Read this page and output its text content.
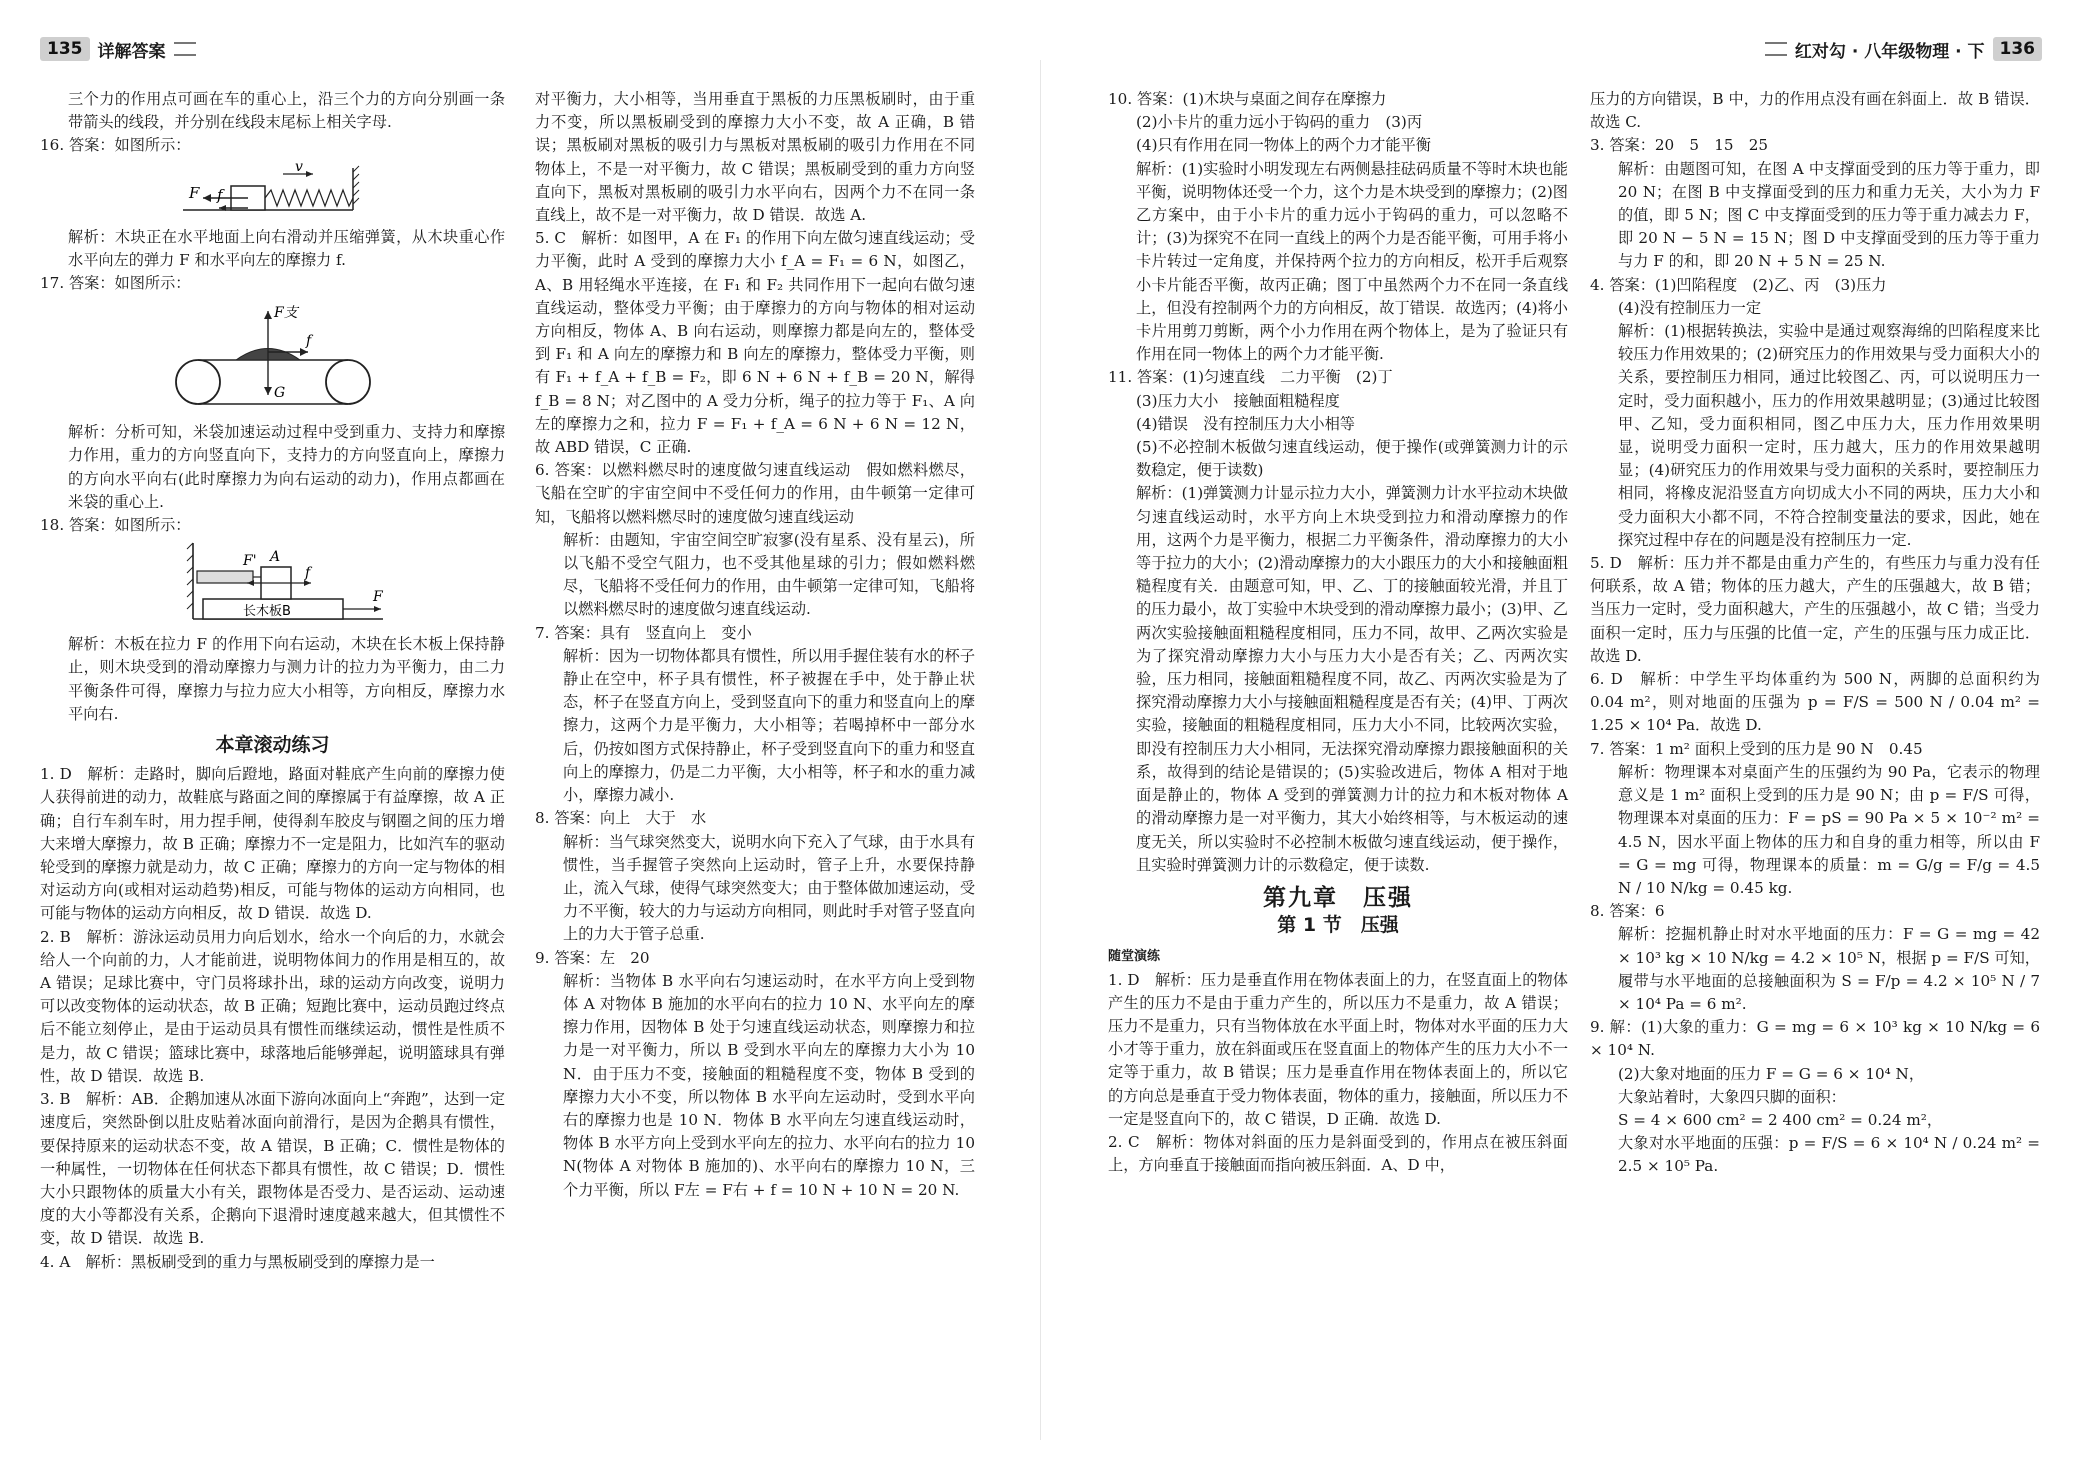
135 详解答案	红对勾 · 八年级物理 · 下 136

三个力的作用点可画在车的重心上，沿三个力的方向分别画一条带箭头的线段，并分别在线段末尾标上相关字母.

16. 答案：如图所示：

F f
v

解析：木块正在水平地面上向右滑动并压缩弹簧，从木块重心作水平向左的弹力 F 和水平向左的摩擦力 f.

17. 答案：如图所示：

F支
f
G

解析：分析可知，米袋加速运动过程中受到重力、支持力和摩擦力作用，重力的方向竖直向下，支持力的方向竖直向上，摩擦力的方向水平向右(此时摩擦力为向右运动的动力)，作用点都画在米袋的重心上.

18. 答案：如图所示：

F' A
f
F
长木板B

解析：木板在拉力 F 的作用下向右运动，木块在长木板上保持静止，则木块受到的滑动摩擦力与测力计的拉力为平衡力，由二力平衡条件可得，摩擦力与拉力应大小相等，方向相反，摩擦力水平向右.

本章滚动练习

1. D　解析：走路时，脚向后蹬地，路面对鞋底产生向前的摩擦力使人获得前进的动力，故鞋底与路面之间的摩擦属于有益摩擦，故 A 正确；自行车刹车时，用力捏手闸，使得刹车胶皮与钢圈之间的压力增大来增大摩擦力，故 B 正确；摩擦力不一定是阻力，比如汽车的驱动轮受到的摩擦力就是动力，故 C 正确；摩擦力的方向一定与物体的相对运动方向(或相对运动趋势)相反，可能与物体的运动方向相同，也可能与物体的运动方向相反，故 D 错误．故选 D.

2. B　解析：游泳运动员用力向后划水，给水一个向后的力，水就会给人一个向前的力，人才能前进，说明物体间力的作用是相互的，故 A 错误；足球比赛中，守门员将球扑出，球的运动方向改变，说明力可以改变物体的运动状态，故 B 正确；短跑比赛中，运动员跑过终点后不能立刻停止，是由于运动员具有惯性而继续运动，惯性是性质不是力，故 C 错误；篮球比赛中，球落地后能够弹起，说明篮球具有弹性，故 D 错误．故选 B.

3. B　解析：AB．企鹅加速从冰面下游向冰面向上“奔跑”，达到一定速度后，突然卧倒以肚皮贴着冰面向前滑行，是因为企鹅具有惯性，要保持原来的运动状态不变，故 A 错误，B 正确；C．惯性是物体的一种属性，一切物体在任何状态下都具有惯性，故 C 错误；D．惯性大小只跟物体的质量大小有关，跟物体是否受力、是否运动、运动速度的大小等都没有关系，企鹅向下退滑时速度越来越大，但其惯性不变，故 D 错误．故选 B.

4. A　解析：黑板刷受到的重力与黑板刷受到的摩擦力是一

对平衡力，大小相等，当用垂直于黑板的力压黑板刷时，由于重力不变，所以黑板刷受到的摩擦力大小不变，故 A 正确，B 错误；黑板刷对黑板的吸引力与黑板对黑板刷的吸引力作用在不同物体上，不是一对平衡力，故 C 错误；黑板刷受到的重力方向竖直向下，黑板对黑板刷的吸引力水平向右，因两个力不在同一条直线上，故不是一对平衡力，故 D 错误．故选 A.

5. C　解析：如图甲，A 在 F₁ 的作用下向左做匀速直线运动；受力平衡，此时 A 受到的摩擦力大小 f_A = F₁ = 6 N，如图乙，A、B 用轻绳水平连接，在 F₁ 和 F₂ 共同作用下一起向右做匀速直线运动，整体受力平衡；由于摩擦力的方向与物体的相对运动方向相反，物体 A、B 向右运动，则摩擦力都是向左的，整体受到 F₁ 和 A 向左的摩擦力和 B 向左的摩擦力，整体受力平衡，则有 F₁ + f_A + f_B = F₂，即 6 N + 6 N + f_B = 20 N，解得 f_B = 8 N；对乙图中的 A 受力分析，绳子的拉力等于 F₁、A 向左的摩擦力之和，拉力 F = F₁ + f_A = 6 N + 6 N = 12 N，故 ABD 错误，C 正确.

6. 答案：以燃料燃尽时的速度做匀速直线运动　假如燃料燃尽，飞船在空旷的宇宙空间中不受任何力的作用，由牛顿第一定律可知，飞船将以燃料燃尽时的速度做匀速直线运动

解析：由题知，宇宙空间空旷寂寥(没有星系、没有星云)，所以飞船不受空气阻力，也不受其他星球的引力；假如燃料燃尽，飞船将不受任何力的作用，由牛顿第一定律可知，飞船将以燃料燃尽时的速度做匀速直线运动.

7. 答案：具有　竖直向上　变小

解析：因为一切物体都具有惯性，所以用手握住装有水的杯子静止在空中，杯子具有惯性，杯子被握在手中，处于静止状态，杯子在竖直方向上，受到竖直向下的重力和竖直向上的摩擦力，这两个力是平衡力，大小相等；若喝掉杯中一部分水后，仍按如图方式保持静止，杯子受到竖直向下的重力和竖直向上的摩擦力，仍是二力平衡，大小相等，杯子和水的重力减小，摩擦力减小.

8. 答案：向上　大于　水

解析：当气球突然变大，说明水向下充入了气球，由于水具有惯性，当手握管子突然向上运动时，管子上升，水要保持静止，流入气球，使得气球突然变大；由于整体做加速运动，受力不平衡，较大的力与运动方向相同，则此时手对管子竖直向上的力大于管子总重.

9. 答案：左　20

解析：当物体 B 水平向右匀速运动时，在水平方向上受到物体 A 对物体 B 施加的水平向右的拉力 10 N、水平向左的摩擦力作用，因物体 B 处于匀速直线运动状态，则摩擦力和拉力是一对平衡力，所以 B 受到水平向左的摩擦力大小为 10 N．由于压力不变，接触面的粗糙程度不变，物体 B 受到的摩擦力大小不变，所以物体 B 水平向左运动时，受到水平向右的摩擦力也是 10 N．物体 B 水平向左匀速直线运动时，物体 B 水平方向上受到水平向左的拉力、水平向右的拉力 10 N(物体 A 对物体 B 施加的)、水平向右的摩擦力 10 N，三个力平衡，所以 F左 = F右 + f = 10 N + 10 N = 20 N.

10. 答案：(1)木块与桌面之间存在摩擦力

(2)小卡片的重力远小于钩码的重力　(3)丙

(4)只有作用在同一物体上的两个力才能平衡

解析：(1)实验时小明发现左右两侧悬挂砝码质量不等时木块也能平衡，说明物体还受一个力，这个力是木块受到的摩擦力；(2)图乙方案中，由于小卡片的重力远小于钩码的重力，可以忽略不计；(3)为探究不在同一直线上的两个力是否能平衡，可用手将小卡片转过一定角度，并保持两个拉力的方向相反，松开手后观察小卡片能否平衡，故丙正确；图丁中虽然两个力不在同一条直线上，但没有控制两个力的方向相反，故丁错误．故选丙；(4)将小卡片用剪刀剪断，两个小力作用在两个物体上，是为了验证只有作用在同一物体上的两个力才能平衡.

11. 答案：(1)匀速直线　二力平衡　(2)丁

(3)压力大小　接触面粗糙程度

(4)错误　没有控制压力大小相等

(5)不必控制木板做匀速直线运动，便于操作(或弹簧测力计的示数稳定，便于读数)

解析：(1)弹簧测力计显示拉力大小，弹簧测力计水平拉动木块做匀速直线运动时，水平方向上木块受到拉力和滑动摩擦力的作用，这两个力是平衡力，根据二力平衡条件，滑动摩擦力的大小等于拉力的大小；(2)滑动摩擦力的大小跟压力的大小和接触面粗糙程度有关．由题意可知，甲、乙、丁的接触面较光滑，并且丁的压力最小，故丁实验中木块受到的滑动摩擦力最小；(3)甲、乙两次实验接触面粗糙程度相同，压力不同，故甲、乙两次实验是为了探究滑动摩擦力大小与压力大小是否有关；乙、丙两次实验，压力相同，接触面粗糙程度不同，故乙、丙两次实验是为了探究滑动摩擦力大小与接触面粗糙程度是否有关；(4)甲、丁两次实验，接触面的粗糙程度相同，压力大小不同，比较两次实验，即没有控制压力大小相同，无法探究滑动摩擦力跟接触面积的关系，故得到的结论是错误的；(5)实验改进后，物体 A 相对于地面是静止的，物体 A 受到的弹簧测力计的拉力和木板对物体 A 的滑动摩擦力是一对平衡力，其大小始终相等，与木板运动的速度无关，所以实验时不必控制木板做匀速直线运动，便于操作，且实验时弹簧测力计的示数稳定，便于读数.

第九章　压强

第 1 节　压强

随堂演练

1. D　解析：压力是垂直作用在物体表面上的力，在竖直面上的物体产生的压力不是由于重力产生的，所以压力不是重力，故 A 错误；压力不是重力，只有当物体放在水平面上时，物体对水平面的压力大小才等于重力，放在斜面或压在竖直面上的物体产生的压力大小不一定等于重力，故 B 错误；压力是垂直作用在物体表面上的，所以它的方向总是垂直于受力物体表面，物体的重力，接触面，所以压力不一定是竖直向下的，故 C 错误，D 正确．故选 D.

2. C　解析：物体对斜面的压力是斜面受到的，作用点在被压斜面上，方向垂直于接触面而指向被压斜面．A、D 中，

压力的方向错误，B 中，力的作用点没有画在斜面上．故 B 错误．故选 C.

3. 答案：20　5　15　25

解析：由题图可知，在图 A 中支撑面受到的压力等于重力，即 20 N；在图 B 中支撑面受到的压力和重力无关，大小为力 F 的值，即 5 N；图 C 中支撑面受到的压力等于重力减去力 F，即 20 N − 5 N = 15 N；图 D 中支撑面受到的压力等于重力与力 F 的和，即 20 N + 5 N = 25 N.

4. 答案：(1)凹陷程度　(2)乙、丙　(3)压力

(4)没有控制压力一定

解析：(1)根据转换法，实验中是通过观察海绵的凹陷程度来比较压力作用效果的；(2)研究压力的作用效果与受力面积大小的关系，要控制压力相同，通过比较图乙、丙，可以说明压力一定时，受力面积越小，压力的作用效果越明显；(3)通过比较图甲、乙知，受力面积相同，图乙中压力大，压力作用效果明显，说明受力面积一定时，压力越大，压力的作用效果越明显；(4)研究压力的作用效果与受力面积的关系时，要控制压力相同，将橡皮泥沿竖直方向切成大小不同的两块，压力大小和受力面积大小都不同，不符合控制变量法的要求，因此，她在探究过程中存在的问题是没有控制压力一定.

5. D　解析：压力并不都是由重力产生的，有些压力与重力没有任何联系，故 A 错；物体的压力越大，产生的压强越大，故 B 错；当压力一定时，受力面积越大，产生的压强越小，故 C 错；当受力面积一定时，压力与压强的比值一定，产生的压强与压力成正比．故选 D.

6. D　解析：中学生平均体重约为 500 N，两脚的总面积约为 0.04 m²，则对地面的压强为 p = F/S = 500 N / 0.04 m² = 1.25 × 10⁴ Pa．故选 D.

7. 答案：1 m² 面积上受到的压力是 90 N　0.45

解析：物理课本对桌面产生的压强约为 90 Pa，它表示的物理意义是 1 m² 面积上受到的压力是 90 N；由 p = F/S 可得，物理课本对桌面的压力：F = pS = 90 Pa × 5 × 10⁻² m² = 4.5 N，因水平面上物体的压力和自身的重力相等，所以由 F = G = mg 可得，物理课本的质量：m = G/g = F/g = 4.5 N / 10 N/kg = 0.45 kg.

8. 答案：6

解析：挖掘机静止时对水平地面的压力：F = G = mg = 42 × 10³ kg × 10 N/kg = 4.2 × 10⁵ N，根据 p = F/S 可知，履带与水平地面的总接触面积为 S = F/p = 4.2 × 10⁵ N / 7 × 10⁴ Pa = 6 m².

9. 解：(1)大象的重力：G = mg = 6 × 10³ kg × 10 N/kg = 6 × 10⁴ N.

(2)大象对地面的压力 F = G = 6 × 10⁴ N，

大象站着时，大象四只脚的面积：

S = 4 × 600 cm² = 2 400 cm² = 0.24 m²，

大象对水平地面的压强：p = F/S = 6 × 10⁴ N / 0.24 m² = 2.5 × 10⁵ Pa.
